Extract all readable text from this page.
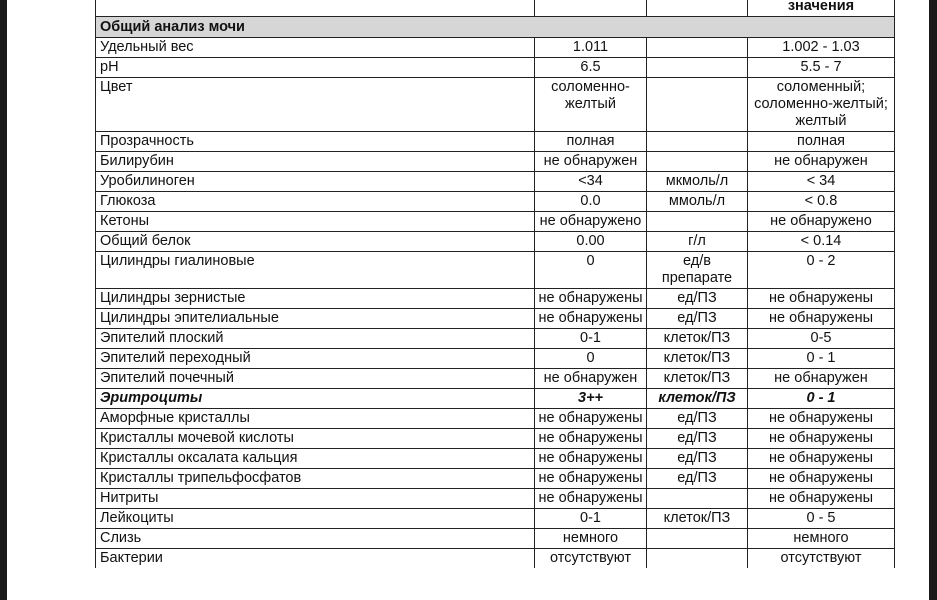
			значения
Общий анализ мочи			
Удельный вес	1.011		1.002 - 1.03
pH	6.5		5.5 - 7
Цвет	соломенно-желтый		соломенный; соломенно-желтый; желтый
Прозрачность	полная		полная
Билирубин	не обнаружен		не обнаружен
Уробилиноген	<34	мкмоль/л	< 34
Глюкоза	0.0	ммоль/л	< 0.8
Кетоны	не обнаружено		не обнаружено
Общий белок	0.00	г/л	< 0.14
Цилиндры гиалиновые	0	ед/в препарате	0 - 2
Цилиндры зернистые	не обнаружены	ед/ПЗ	не обнаружены
Цилиндры эпителиальные	не обнаружены	ед/ПЗ	не обнаружены
Эпителий плоский	0-1	клеток/ПЗ	0-5
Эпителий переходный	0	клеток/ПЗ	0 - 1
Эпителий почечный	не обнаружен	клеток/ПЗ	не обнаружен
Эритроциты	3++	клеток/ПЗ	0 - 1
Аморфные кристаллы	не обнаружены	ед/ПЗ	не обнаружены
Кристаллы мочевой кислоты	не обнаружены	ед/ПЗ	не обнаружены
Кристаллы оксалата кальция	не обнаружены	ед/ПЗ	не обнаружены
Кристаллы трипельфосфатов	не обнаружены	ед/ПЗ	не обнаружены
Нитриты	не обнаружены		не обнаружены
Лейкоциты	0-1	клеток/ПЗ	0 - 5
Слизь	немного		немного
Бактерии	отсутствуют		отсутствуют
